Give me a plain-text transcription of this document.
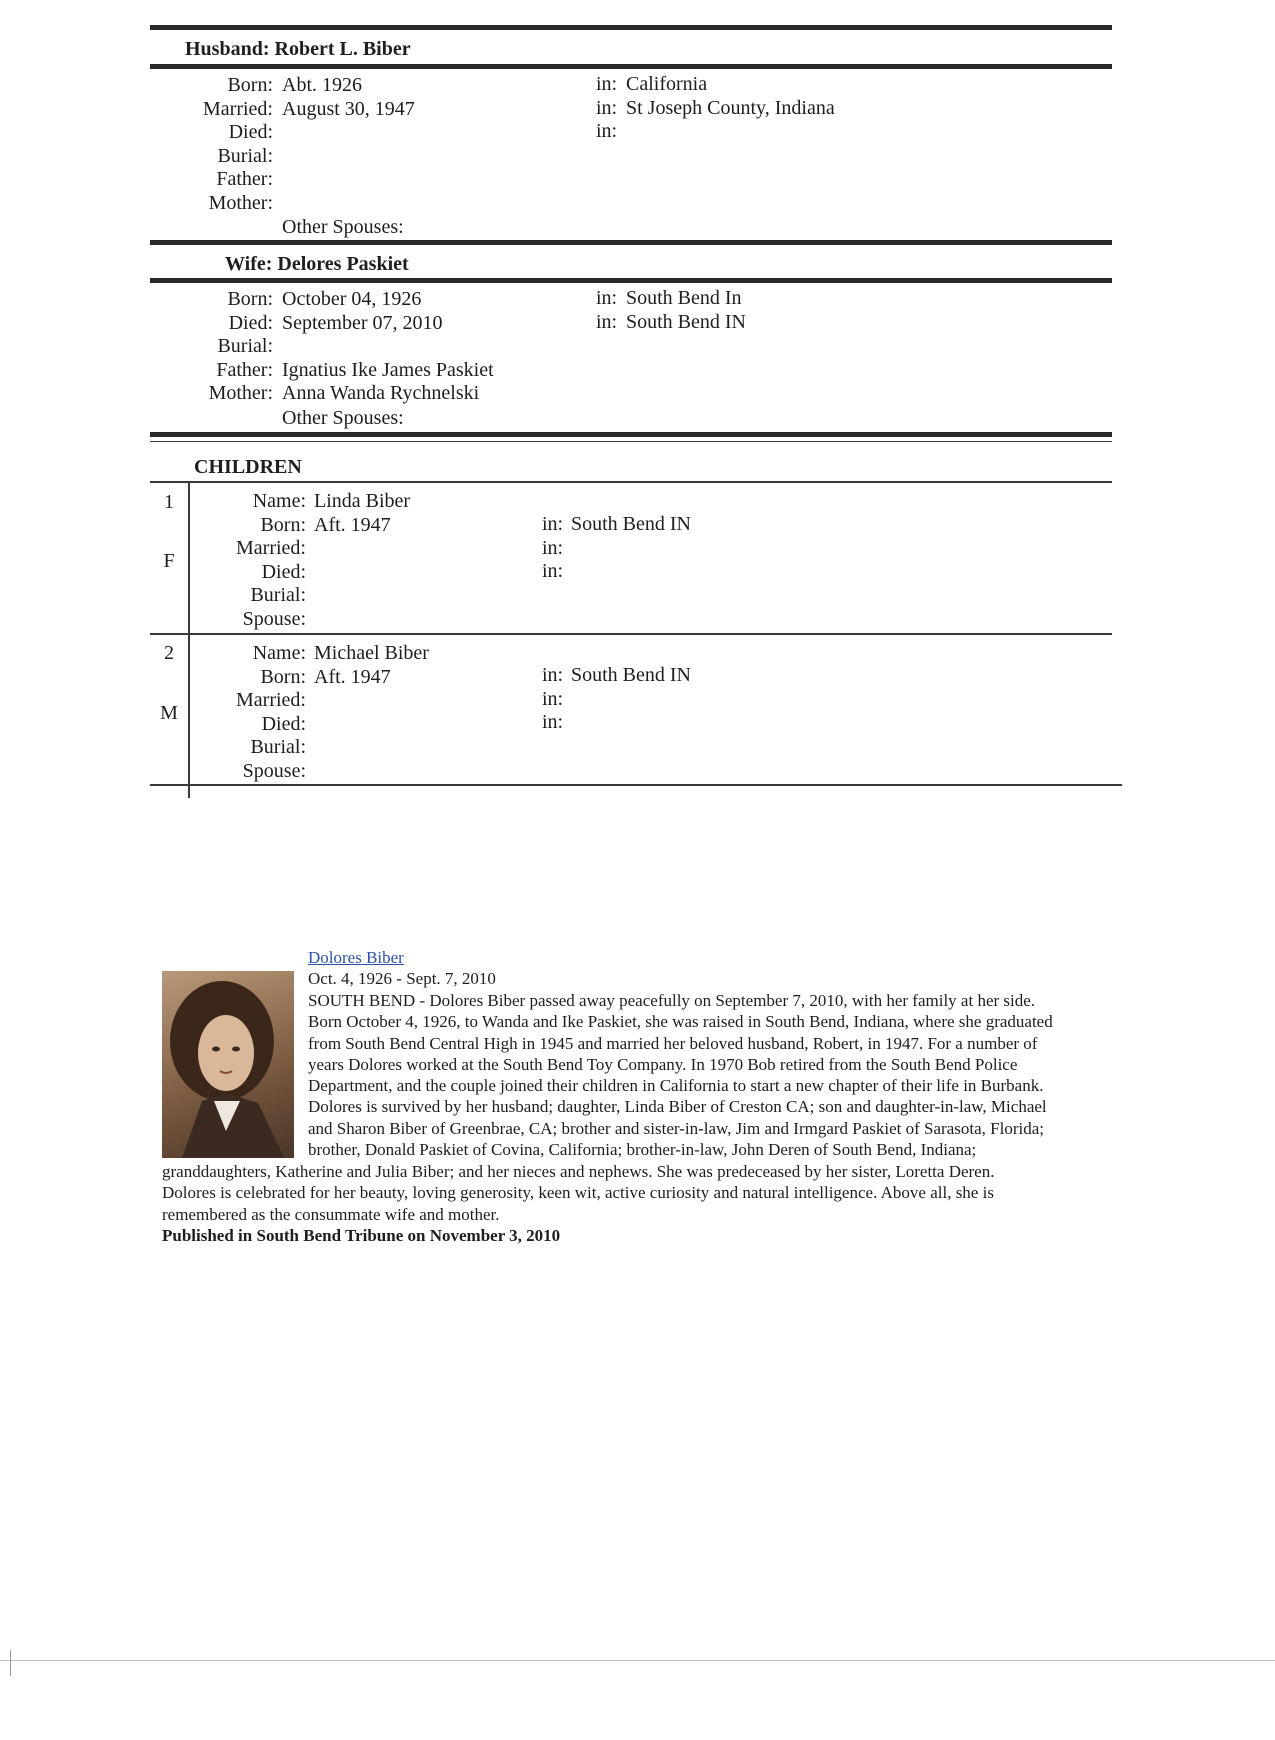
Husband: Robert L. Biber
Born:
Married:
Died:
Burial:
Father:
Mother:
Abt. 1926
August 30, 1947
in:
in:
in:
California
St Joseph County, Indiana
Other Spouses:
Wife: Delores Paskiet
Born:
Died:
Burial:
Father:
Mother:
October 04, 1926
September 07, 2010
Ignatius Ike James Paskiet
Anna Wanda Rychnelski
in:
in:
South Bend In
South Bend IN
Other Spouses:
CHILDREN
1
F
Name:
Born:
Married:
Died:
Burial:
Spouse:
Linda Biber
Aft. 1947	in:
in:
in:
South Bend IN
2
M
Name:
Born:
Married:
Died:
Burial:
Spouse:
Michael Biber
Aft. 1947	in:
in:
in:
South Bend IN
Dolores Biber
Oct. 4, 1926 - Sept. 7, 2010
SOUTH BEND - Dolores Biber passed away peacefully on September 7, 2010, with her family at her side.
Born October 4, 1926, to Wanda and Ike Paskiet, she was raised in South Bend, Indiana, where she graduated
from South Bend Central High in 1945 and married her beloved husband, Robert, in 1947. For a number of
years Dolores worked at the South Bend Toy Company. In 1970 Bob retired from the South Bend Police
Department, and the couple joined their children in California to start a new chapter of their life in Burbank.
Dolores is survived by her husband; daughter, Linda Biber of Creston CA; son and daughter-in-law, Michael
and Sharon Biber of Greenbrae, CA; brother and sister-in-law, Jim and Irmgard Paskiet of Sarasota, Florida;
brother, Donald Paskiet of Covina, California; brother-in-law, John Deren of South Bend, Indiana;
granddaughters, Katherine and Julia Biber; and her nieces and nephews. She was predeceased by her sister, Loretta Deren.
Dolores is celebrated for her beauty, loving generosity, keen wit, active curiosity and natural intelligence. Above all, she is
remembered as the consummate wife and mother.
Published in South Bend Tribune on November 3, 2010
